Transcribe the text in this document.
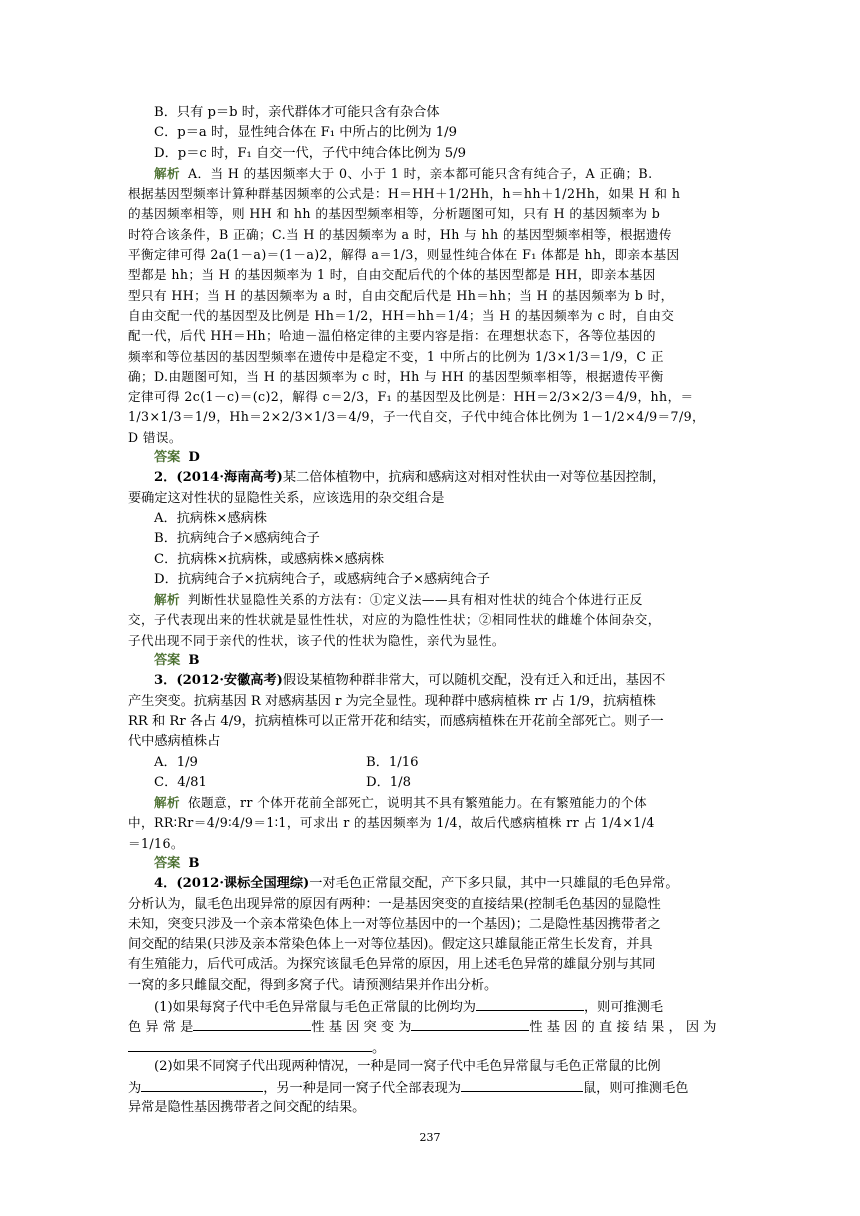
B．只有 p＝b 时，亲代群体才可能只含有杂合体
C．p＝a 时，显性纯合体在 F₁ 中所占的比例为 1/9
D．p＝c 时，F₁ 自交一代，子代中纯合体比例为 5/9
解析 A．当 H 的基因频率大于 0、小于 1 时，亲本都可能只含有纯合子，A 正确；B.
根据基因型频率计算种群基因频率的公式是：H＝HH＋1/2Hh，h＝hh＋1/2Hh，如果 H 和 h
的基因频率相等，则 HH 和 hh 的基因型频率相等，分析题图可知，只有 H 的基因频率为 b
时符合该条件，B 正确；C.当 H 的基因频率为 a 时，Hh 与 hh 的基因型频率相等，根据遗传
平衡定律可得 2a(1－a)＝(1－a)2，解得 a＝1/3，则显性纯合体在 F₁ 体都是 hh，即亲本基因
型都是 hh；当 H 的基因频率为 1 时，自由交配后代的个体的基因型都是 HH，即亲本基因
型只有 HH；当 H 的基因频率为 a 时，自由交配后代是 Hh＝hh；当 H 的基因频率为 b 时，
自由交配一代的基因型及比例是 Hh＝1/2，HH＝hh＝1/4；当 H 的基因频率为 c 时，自由交
配一代，后代 HH＝Hh；哈迪－温伯格定律的主要内容是指：在理想状态下，各等位基因的
频率和等位基因的基因型频率在遗传中是稳定不变，1 中所占的比例为 1/3×1/3＝1/9，C 正
确；D.由题图可知，当 H 的基因频率为 c 时，Hh 与 HH 的基因型频率相等，根据遗传平衡
定律可得 2c(1－c)＝(c)2，解得 c＝2/3，F₁ 的基因型及比例是：HH＝2/3×2/3＝4/9，hh，＝
1/3×1/3＝1/9，Hh＝2×2/3×1/3＝4/9，子一代自交，子代中纯合体比例为 1－1/2×4/9＝7/9，
D 错误。
答案 D
2．(2014·海南高考)某二倍体植物中，抗病和感病这对相对性状由一对等位基因控制，
要确定这对性状的显隐性关系，应该选用的杂交组合是
A．抗病株×感病株
B．抗病纯合子×感病纯合子
C．抗病株×抗病株，或感病株×感病株
D．抗病纯合子×抗病纯合子，或感病纯合子×感病纯合子
解析 判断性状显隐性关系的方法有：①定义法——具有相对性状的纯合个体进行正反
交，子代表现出来的性状就是显性性状，对应的为隐性性状；②相同性状的雌雄个体间杂交，
子代出现不同于亲代的性状，该子代的性状为隐性，亲代为显性。
答案 B
3．(2012·安徽高考)假设某植物种群非常大，可以随机交配，没有迁入和迁出，基因不
产生突变。抗病基因 R 对感病基因 r 为完全显性。现种群中感病植株 rr 占 1/9，抗病植株
RR 和 Rr 各占 4/9，抗病植株可以正常开花和结实，而感病植株在开花前全部死亡。则子一
代中感病植株占
A．1/9	B．1/16
C．4/81	D．1/8
解析 依题意，rr 个体开花前全部死亡，说明其不具有繁殖能力。在有繁殖能力的个体
中，RR∶Rr＝4/9∶4/9＝1∶1，可求出 r 的基因频率为 1/4，故后代感病植株 rr 占 1/4×1/4
＝1/16。
答案 B
4．(2012·课标全国理综)一对毛色正常鼠交配，产下多只鼠，其中一只雄鼠的毛色异常。
分析认为，鼠毛色出现异常的原因有两种：一是基因突变的直接结果(控制毛色基因的显隐性
未知，突变只涉及一个亲本常染色体上一对等位基因中的一个基因)；二是隐性基因携带者之
间交配的结果(只涉及亲本常染色体上一对等位基因)。假定这只雄鼠能正常生长发育，并具
有生殖能力，后代可成活。为探究该鼠毛色异常的原因，用上述毛色异常的雄鼠分别与其同
一窝的多只雌鼠交配，得到多窝子代。请预测结果并作出分析。
(1)如果每窝子代中毛色异常鼠与毛色正常鼠的比例均为	，则可推测毛
色 异 常 是	性 基 因 突 变 为	性 基 因 的 直 接 结 果 ， 因 为
。
(2)如果不同窝子代出现两种情况，一种是同一窝子代中毛色异常鼠与毛色正常鼠的比例
为	，另一种是同一窝子代全部表现为	鼠，则可推测毛色
异常是隐性基因携带者之间交配的结果。
237
